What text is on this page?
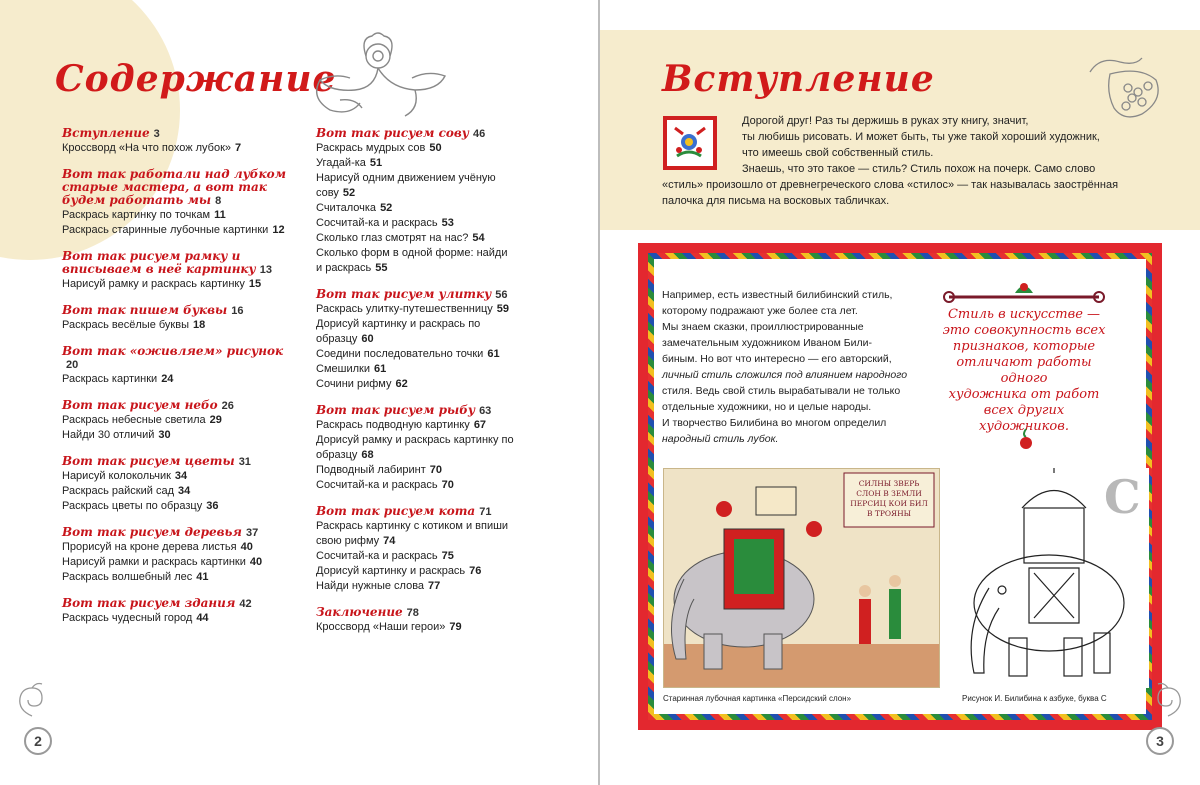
Содержание
Вступление 3
Кроссворд «На что похож лубок» 7
Вот так работали над лубком старые мастера, а вот так будем работать мы 8
Раскрась картинку по точкам 11
Раскрась старинные лубочные картинки 12
Вот так рисуем рамку и вписываем в неё картинку 13
Нарисуй рамку и раскрась картинку 15
Вот так пишем буквы 16
Раскрась весёлые буквы 18
Вот так «оживляем» рисунок20
Раскрась картинки 24
Вот так рисуем небо 26
Раскрась небесные светила 29
Найди 30 отличий 30
Вот так рисуем цветы 31
Нарисуй колокольчик 34
Раскрась райский сад 34
Раскрась цветы по образцу 36
Вот так рисуем деревья 37
Прорисуй на кроне дерева листья 40
Нарисуй рамки и раскрась картинки 40
Раскрась волшебный лес 41
Вот так рисуем здания 42
Раскрась чудесный город 44
Вот так рисуем сову 46
Раскрась мудрых сов 50
Угадай-ка 51
Нарисуй одним движением учёную сову 52
Считалочка 52
Сосчитай-ка и раскрась 53
Сколько глаз смотрят на нас? 54
Сколько форм в одной форме: найди и раскрась 55
Вот так рисуем улитку 56
Раскрась улитку-путешественницу 59
Дорисуй картинку и раскрась по образцу 60
Соедини последовательно точки 61
Смешилки 61
Сочини рифму 62
Вот так рисуем рыбу 63
Раскрась подводную картинку 67
Дорисуй рамку и раскрась картинку по образцу 68
Подводный лабиринт 70
Сосчитай-ка и раскрась 70
Вот так рисуем кота 71
Раскрась картинку с котиком и впиши свою рифму 74
Сосчитай-ка и раскрась 75
Дорисуй картинку и раскрась 76
Найди нужные слова 77
Заключение 78
Кроссворд «Наши герои» 79
2
Вступление

Дорогой друг! Раз ты держишь в руках эту книгу, значит,

ты любишь рисовать. И может быть, ты уже такой хороший художник,

что имеешь свой собственный стиль.

Знаешь, что это такое — стиль? Стиль похож на почерк. Само слово

«стиль» произошло от древнегреческого слова «стилос» — так называлась заострённая

палочка для письма на восковых табличках.

Например, есть известный билибинский стиль,

которому подражают уже более ста лет.

Мы знаем сказки, проиллюстрированные

замечательным художником Иваном Били-

биным. Но вот что интересно — его авторский,

личный стиль сложился под влиянием народного

стиля. Ведь свой стиль вырабатывали не только

отдельные художники, но и целые народы.

И творчество Билибина во многом определил

народный стиль лубок.

Стиль в искусстве —
это совокупность всех
признаков, которые
отличают работы одного
художника от работ
всех других
художников.
СИЛНЫ ЗВЕРЬ
СЛОН В ЗЕМЛИ
ПЕРСИЦ КОИ БИЛ
В ТРОЯНЫ
Старинная лубочная картинка «Персидский слон»
С
Рисунок И. Билибина к азбуке, буква С
3
